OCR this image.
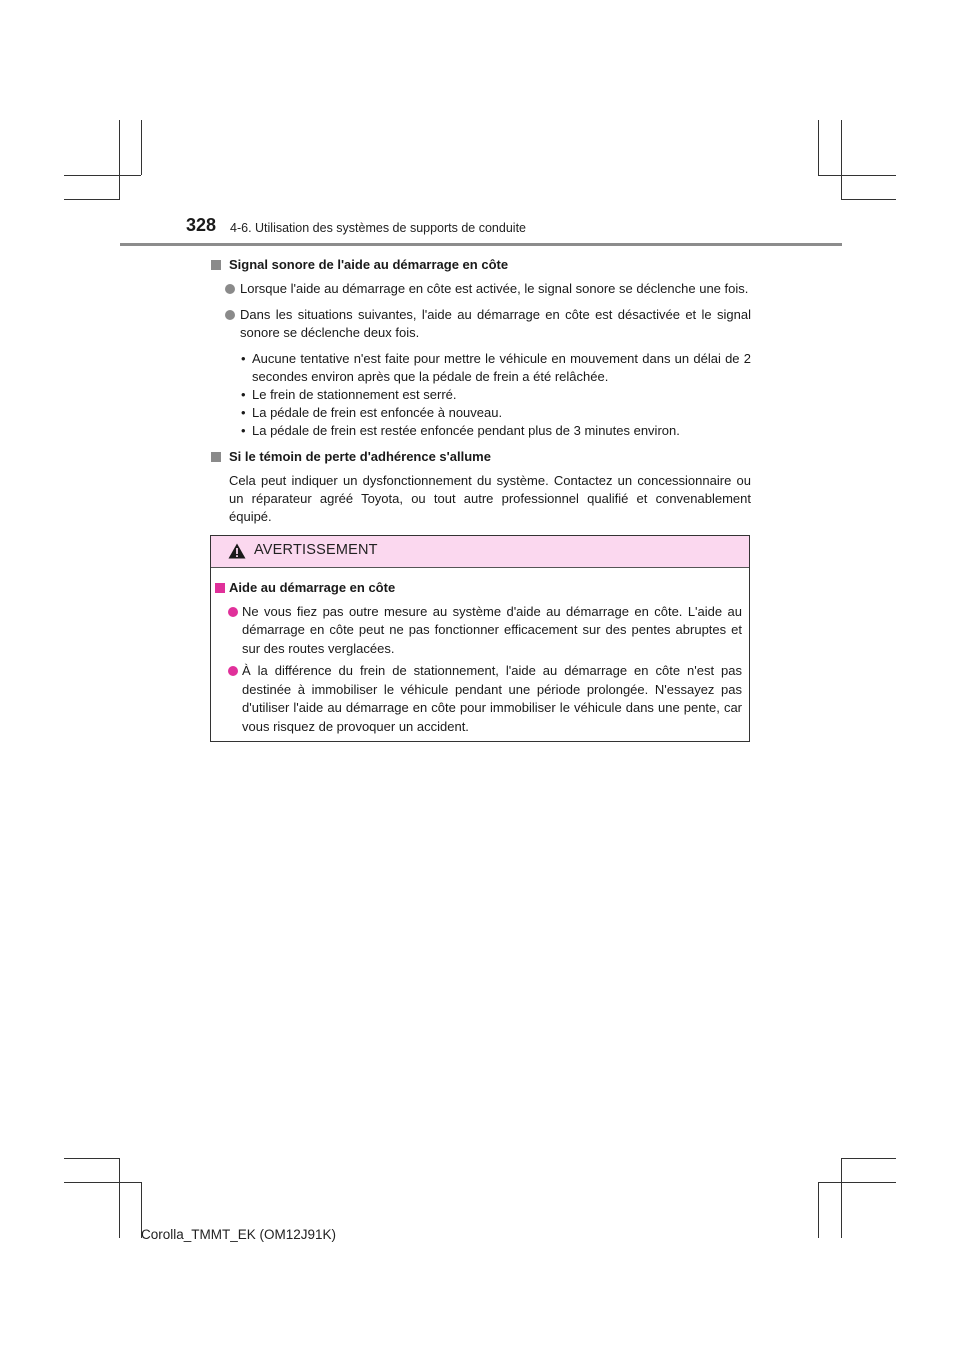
328 4-6. Utilisation des systèmes de supports de conduite
Signal sonore de l'aide au démarrage en côte
Lorsque l'aide au démarrage en côte est activée, le signal sonore se déclenche une fois.
Dans les situations suivantes, l'aide au démarrage en côte est désactivée et le signal sonore se déclenche deux fois.
• Aucune tentative n'est faite pour mettre le véhicule en mouvement dans un délai de 2 secondes environ après que la pédale de frein a été relâchée.
• Le frein de stationnement est serré.
• La pédale de frein est enfoncée à nouveau.
• La pédale de frein est restée enfoncée pendant plus de 3 minutes environ.
Si le témoin de perte d'adhérence s'allume

Cela peut indiquer un dysfonctionnement du système. Contactez un concessionnaire ou un réparateur agréé Toyota, ou tout autre professionnel qualifié et convenablement équipé.

AVERTISSEMENT
Aide au démarrage en côte
Ne vous fiez pas outre mesure au système d'aide au démarrage en côte. L'aide au démarrage en côte peut ne pas fonctionner efficacement sur des pentes abruptes et sur des routes verglacées.
À la différence du frein de stationnement, l'aide au démarrage en côte n'est pas destinée à immobiliser le véhicule pendant une période prolongée. N'essayez pas d'utiliser l'aide au démarrage en côte pour immobiliser le véhicule dans une pente, car vous risquez de provoquer un accident.
Corolla_TMMT_EK (OM12J91K)
